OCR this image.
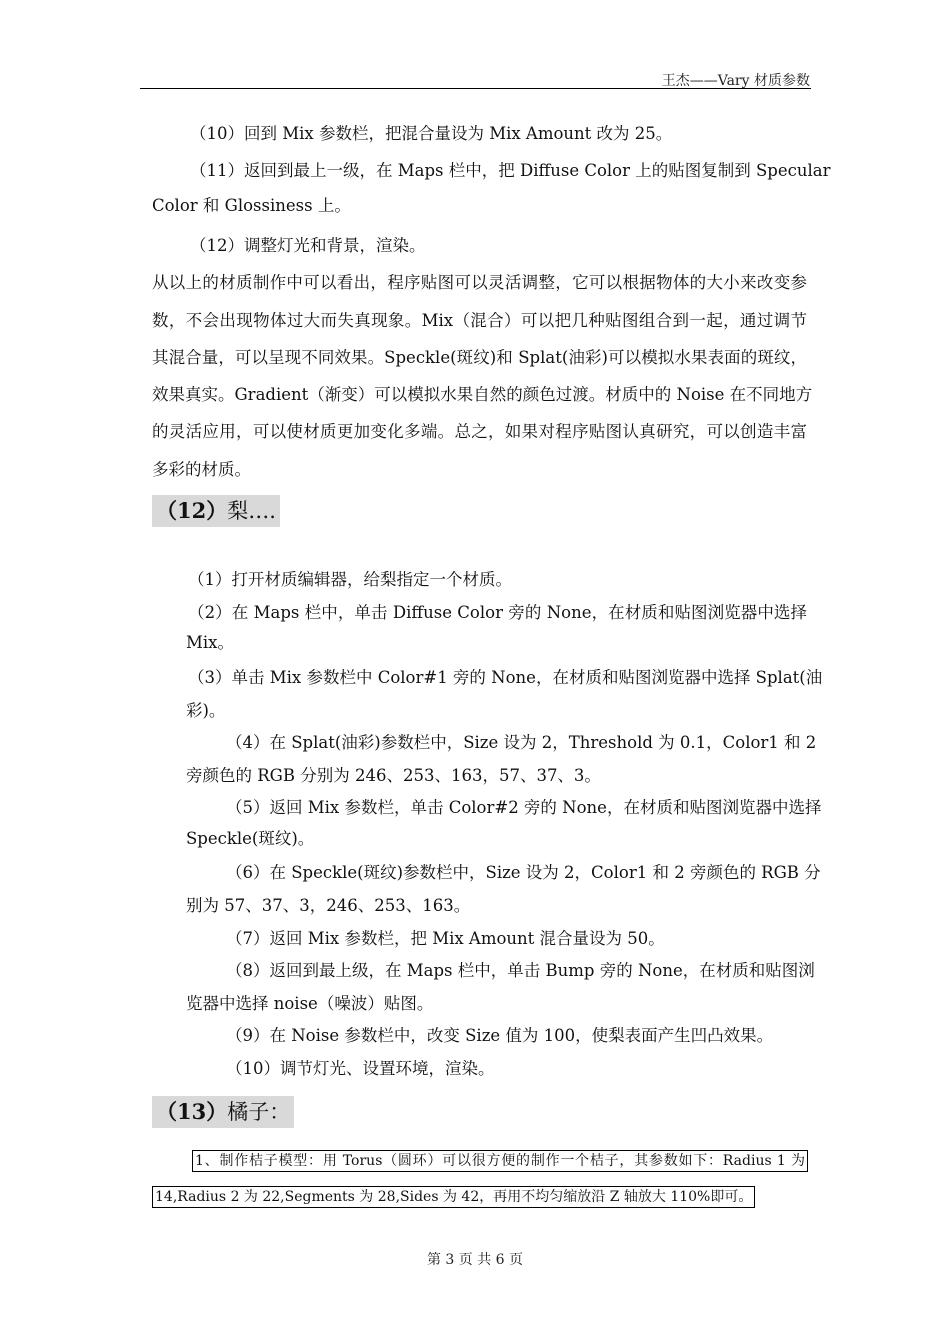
王杰——Vary 材质参数
（10）回到 Mix 参数栏，把混合量设为 Mix Amount 改为 25。
（11）返回到最上一级，在 Maps 栏中，把 Diffuse Color 上的贴图复制到 Specular
Color 和 Glossiness 上。
（12）调整灯光和背景，渲染。
从以上的材质制作中可以看出，程序贴图可以灵活调整，它可以根据物体的大小来改变参
数，不会出现物体过大而失真现象。Mix（混合）可以把几种贴图组合到一起，通过调节
其混合量，可以呈现不同效果。Speckle(斑纹)和 Splat(油彩)可以模拟水果表面的斑纹，
效果真实。Gradient（渐变）可以模拟水果自然的颜色过渡。材质中的 Noise 在不同地方
的灵活应用，可以使材质更加变化多端。总之，如果对程序贴图认真研究，可以创造丰富
多彩的材质。
（12）梨….
（1）打开材质编辑器，给梨指定一个材质。
（2）在 Maps 栏中，单击 Diffuse Color 旁的 None，在材质和贴图浏览器中选择
Mix。
（3）单击 Mix 参数栏中 Color#1 旁的 None，在材质和贴图浏览器中选择 Splat(油
彩)。
（4）在 Splat(油彩)参数栏中，Size 设为 2，Threshold 为 0.1，Color1 和 2
旁颜色的 RGB 分别为 246、253、163，57、37、3。
（5）返回 Mix 参数栏，单击 Color#2 旁的 None，在材质和贴图浏览器中选择
Speckle(斑纹)。
（6）在 Speckle(斑纹)参数栏中，Size 设为 2，Color1 和 2 旁颜色的 RGB 分
别为 57、37、3，246、253、163。
（7）返回 Mix 参数栏，把 Mix Amount 混合量设为 50。
（8）返回到最上级，在 Maps 栏中，单击 Bump 旁的 None，在材质和贴图浏
览器中选择 noise（噪波）贴图。
（9）在 Noise 参数栏中，改变 Size 值为 100，使梨表面产生凹凸效果。
（10）调节灯光、设置环境，渲染。
（13）橘子：
1、制作桔子模型：用 Torus（圆环）可以很方便的制作一个桔子，其参数如下：Radius 1 为
14,Radius 2 为 22,Segments 为 28,Sides 为 42，再用不均匀缩放沿 Z 轴放大 110%即可。
第 3 页 共 6 页
